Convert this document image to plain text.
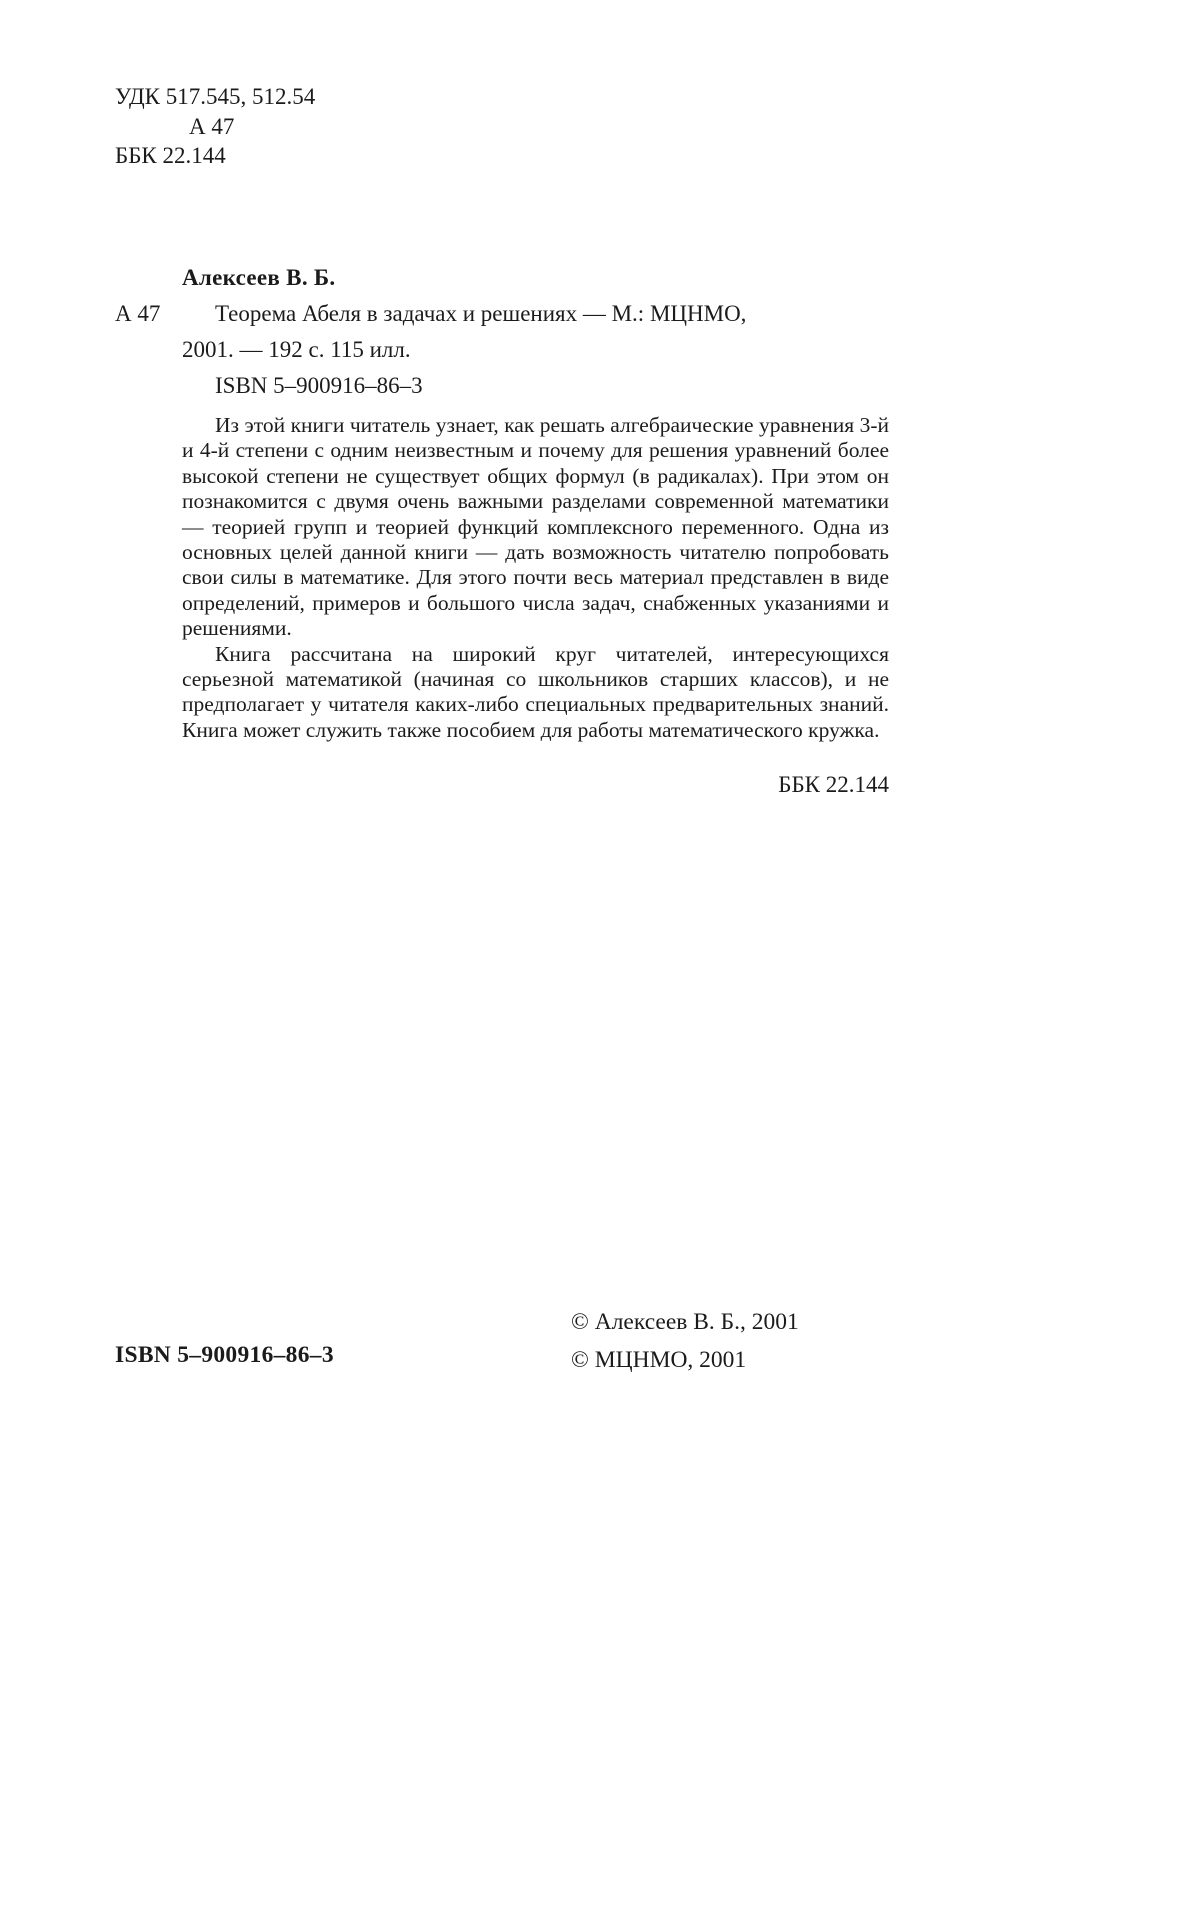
УДК 517.545, 512.54
А 47
ББК 22.144
Алексеев В. Б.
А 47 Теорема Абеля в задачах и решениях — М.: МЦНМО,
2001. — 192 с. 115 илл.
ISBN 5–900916–86–3

Из этой книги читатель узнает, как решать алгебраические уравнения 3-й и 4-й степени с одним неизвестным и почему для решения уравнений более высокой степени не существует общих формул (в радикалах). При этом он познакомится с двумя очень важными разделами современной математики — теорией групп и теорией функций комплексного переменного. Одна из основных целей данной книги — дать возможность читателю попробовать свои силы в математике. Для этого почти весь материал представлен в виде определений, примеров и большого числа задач, снабженных указаниями и решениями.

Книга рассчитана на широкий круг читателей, интересующихся серьезной математикой (начиная со школьников старших классов), и не предполагает у читателя каких-либо специальных предварительных знаний. Книга может служить также пособием для работы математического кружка.

ББК 22.144
© Алексеев В. Б., 2001
© МЦНМО, 2001
ISBN 5–900916–86–3
